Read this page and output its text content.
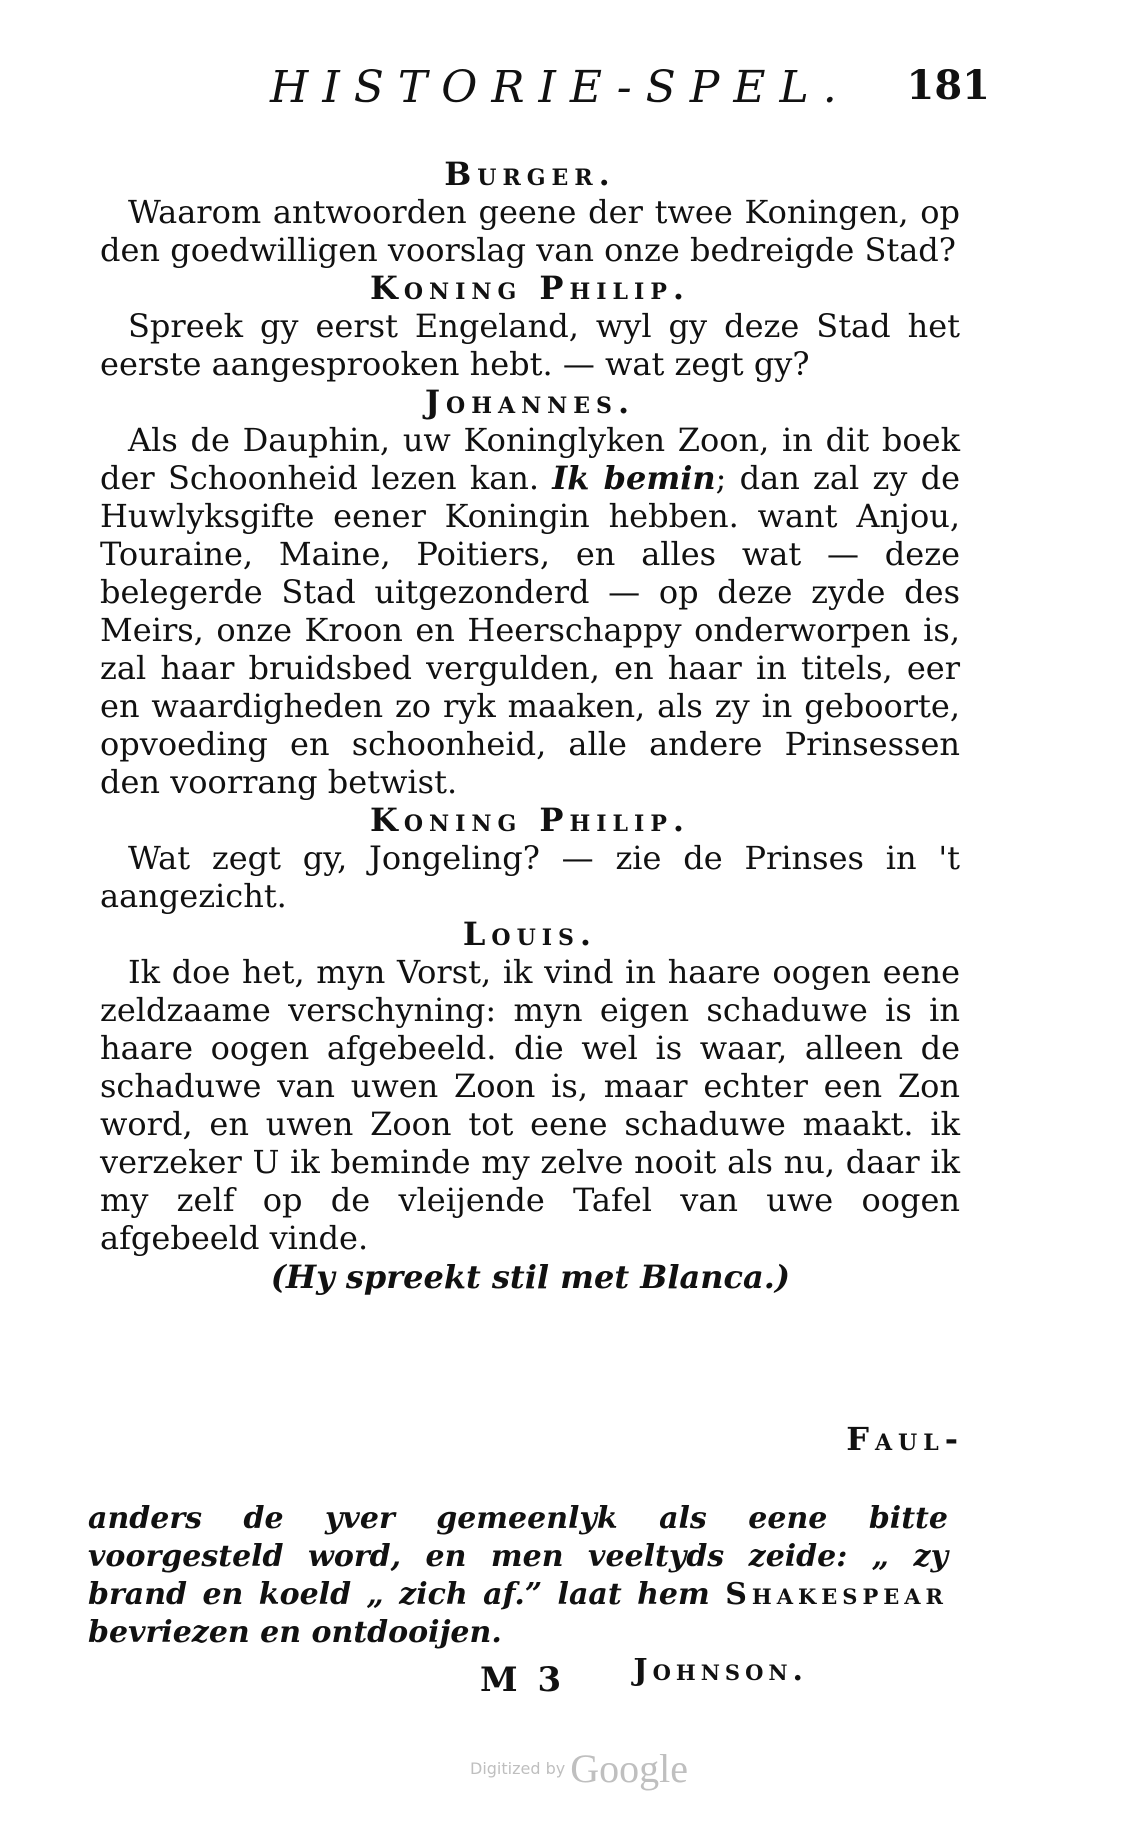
HISTORIE-SPEL. 181
Burger.

Waarom antwoorden geene der twee Koningen, op den goedwilligen voorslag van onze bedreigde Stad?

Koning Philip.

Spreek gy eerst Engeland, wyl gy deze Stad het eerste aangesprooken hebt. — wat zegt gy?

Johannes.

Als de Dauphin, uw Koninglyken Zoon, in dit boek der Schoonheid lezen kan. Ik bemin; dan zal zy de Huwlyksgifte eener Koningin hebben. want Anjou, Touraine, Maine, Poitiers, en alles wat — deze belegerde Stad uitgezonderd — op deze zyde des Meirs, onze Kroon en Heerschappy onderworpen is, zal haar bruidsbed vergulden, en haar in titels, eer en waardigheden zo ryk maaken, als zy in geboorte, opvoeding en schoonheid, alle andere Prinsessen den voorrang betwist.

Koning Philip.

Wat zegt gy, Jongeling? — zie de Prinses in 't aangezicht.

Louis.

Ik doe het, myn Vorst, ik vind in haare oogen eene zeldzaame verschyning: myn eigen schaduwe is in haare oogen afgebeeld. die wel is waar, alleen de schaduwe van uwen Zoon is, maar echter een Zon word, en uwen Zoon tot eene schaduwe maakt. ik verzeker U ik beminde my zelve nooit als nu, daar ik my zelf op de vleijende Tafel van uwe oogen afgebeeld vinde.

(Hy spreekt stil met Blanca.)
Faul-
anders de yver gemeenlyk als eene bitte voorgesteld word, en men veeltyds zeide: „ zy brand en koeld „ zich af.” laat hem Shakespear bevriezen en ontdooijen.
Johnson.
M 3
Digitized by Google
